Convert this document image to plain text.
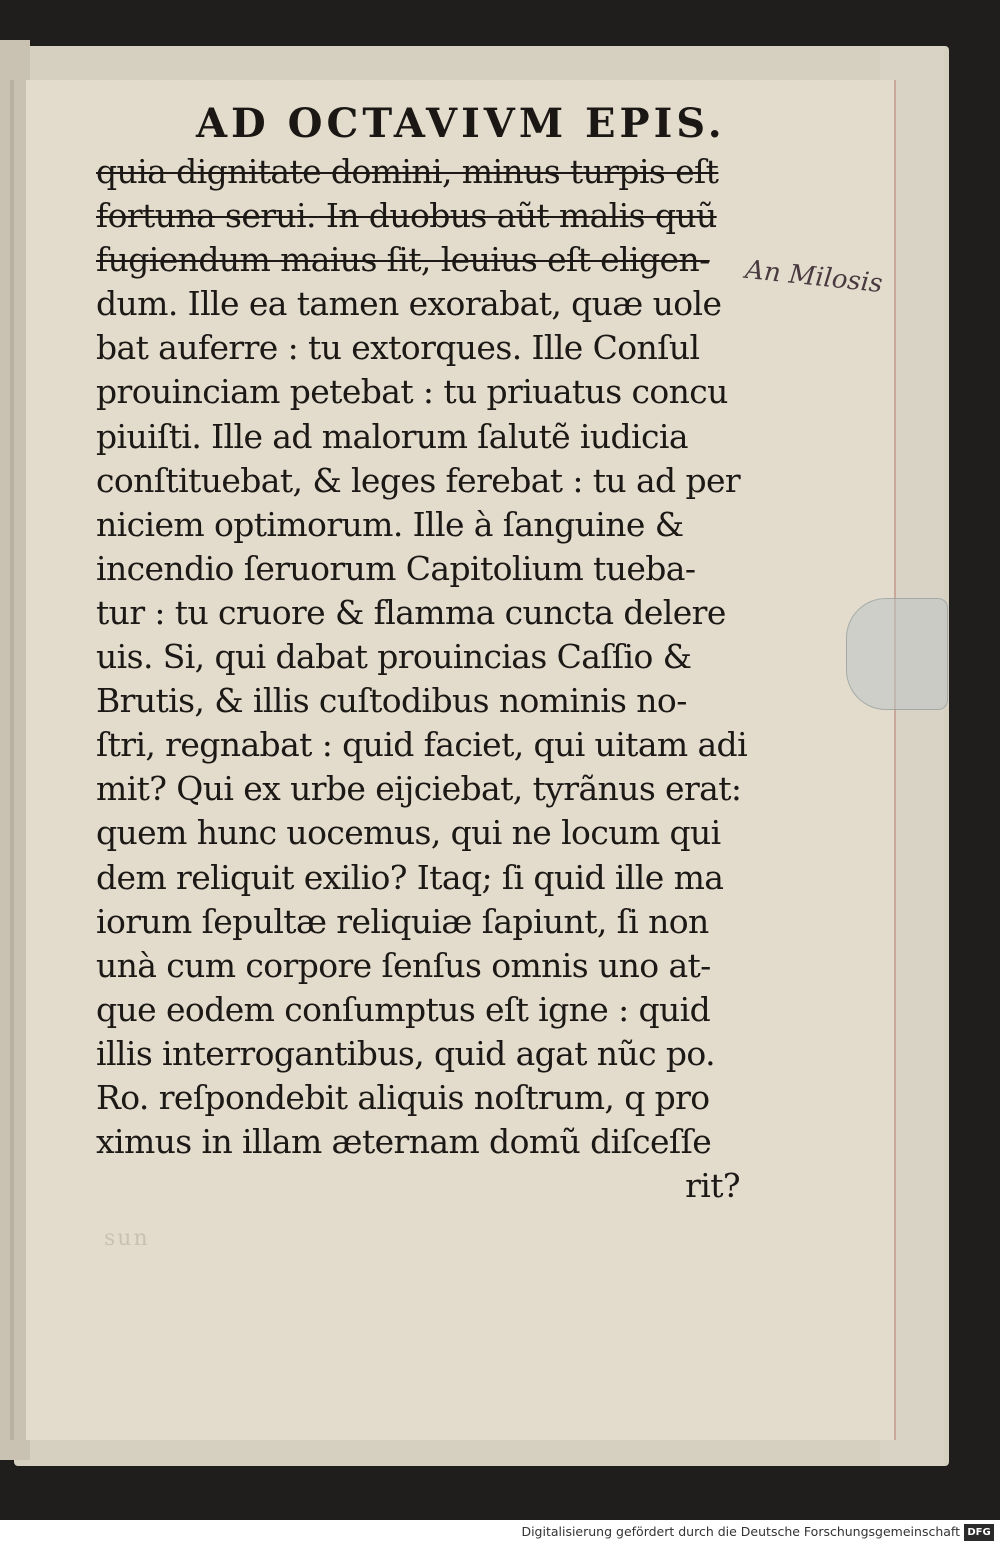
AD OCTAVIVM EPIS.
quia dignitate domini, minus turpis eſt
fortuna serui. In duobus aũt malis quũ
fugiendum maius ſit, leuius eſt eligen-
dum. Ille ea tamen exorabat, quæ uole
bat auferre : tu extorques. Ille Conſul
prouinciam petebat : tu priuatus concu
piuiſti. Ille ad malorum ſalutẽ iudicia
conſtituebat, & leges ferebat : tu ad per
niciem optimorum. Ille à ſanguine &
incendio ſeruorum Capitolium tueba-
tur : tu cruore & flamma cuncta delere
uis. Si, qui dabat prouincias Caſſio &
Brutis, & illis cuſtodibus nominis no-
ſtri, regnabat : quid faciet, qui uitam adi
mit? Qui ex urbe eijciebat, tyrãnus erat:
quem hunc uocemus, qui ne locum qui
dem reliquit exilio? Itaq; ſi quid ille ma
iorum ſepultæ reliquiæ ſapiunt, ſi non
unà cum corpore ſenſus omnis uno at-
que eodem conſumptus eſt igne : quid
illis interrogantibus, quid agat nũc po.
Ro. reſpondebit aliquis noſtrum, q pro
ximus in illam æternam domũ diſceſſe
rit?
sun
An Milosis
Digitalisierung gefördert durch die Deutsche Forschungsgemeinschaft DFG
